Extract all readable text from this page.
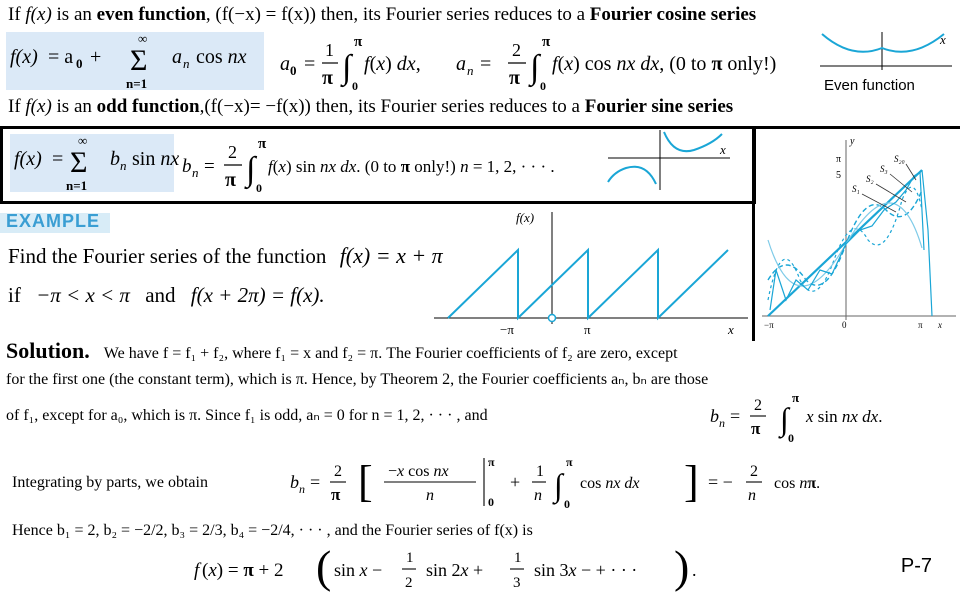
If f(x) is an even function, (f(−x) = f(x)) then, its Fourier series reduces to a Fourier cosine series
f(x) = a 0 +
∞
Σ
n=1
a n cos nx a 0 =
1
π ∫
π
0
f(x) dx, a n =
2
π ∫
π
0
f(x) cos nx dx, (0 to π only!)
x
Even function
If f(x) is an odd function,(f(−x)= −f(x)) then, its Fourier series reduces to a Fourier sine series
f(x) =
∞
Σ
n=1
b n sin nx b n =
2
π ∫
π
0
f(x) sin nx dx. (0 to π only!) n = 1, 2, · · · .
x
y
π
5
−π	0	π x
S₂₀
S₃
S₂
S₁
EXAMPLE
Find the Fourier series of the function f(x) = x + π
if −π < x < π and f(x + 2π) = f(x).
f(x)
−π	π	x
Solution. We have f = f₁ + f₂, where f₁ = x and f₂ = π. The Fourier coefficients of f₂ are zero, except
for the first one (the constant term), which is π. Hence, by Theorem 2, the Fourier coefficients aₙ, bₙ are those
of f₁, except for a₀, which is π. Since f₁ is odd, aₙ = 0 for n = 1, 2, · · · , and	b n =
2
π ∫
π
0
x sin nx dx.
Integrating by parts, we obtain	b n =
2
π [ −x cos nx
n
π
0
+
1
n ∫
π
0
cos nx dx ] = −
2
n
cos nπ.
Hence b₁ = 2, b₂ = −2/2, b₃ = 2/3, b₄ = −2/4, · · · , and the Fourier series of f(x) is
f (x) = π + 2 ( sin x −
1
2
sin 2x +
1
3
sin 3x − + · · · ) .	P-7
